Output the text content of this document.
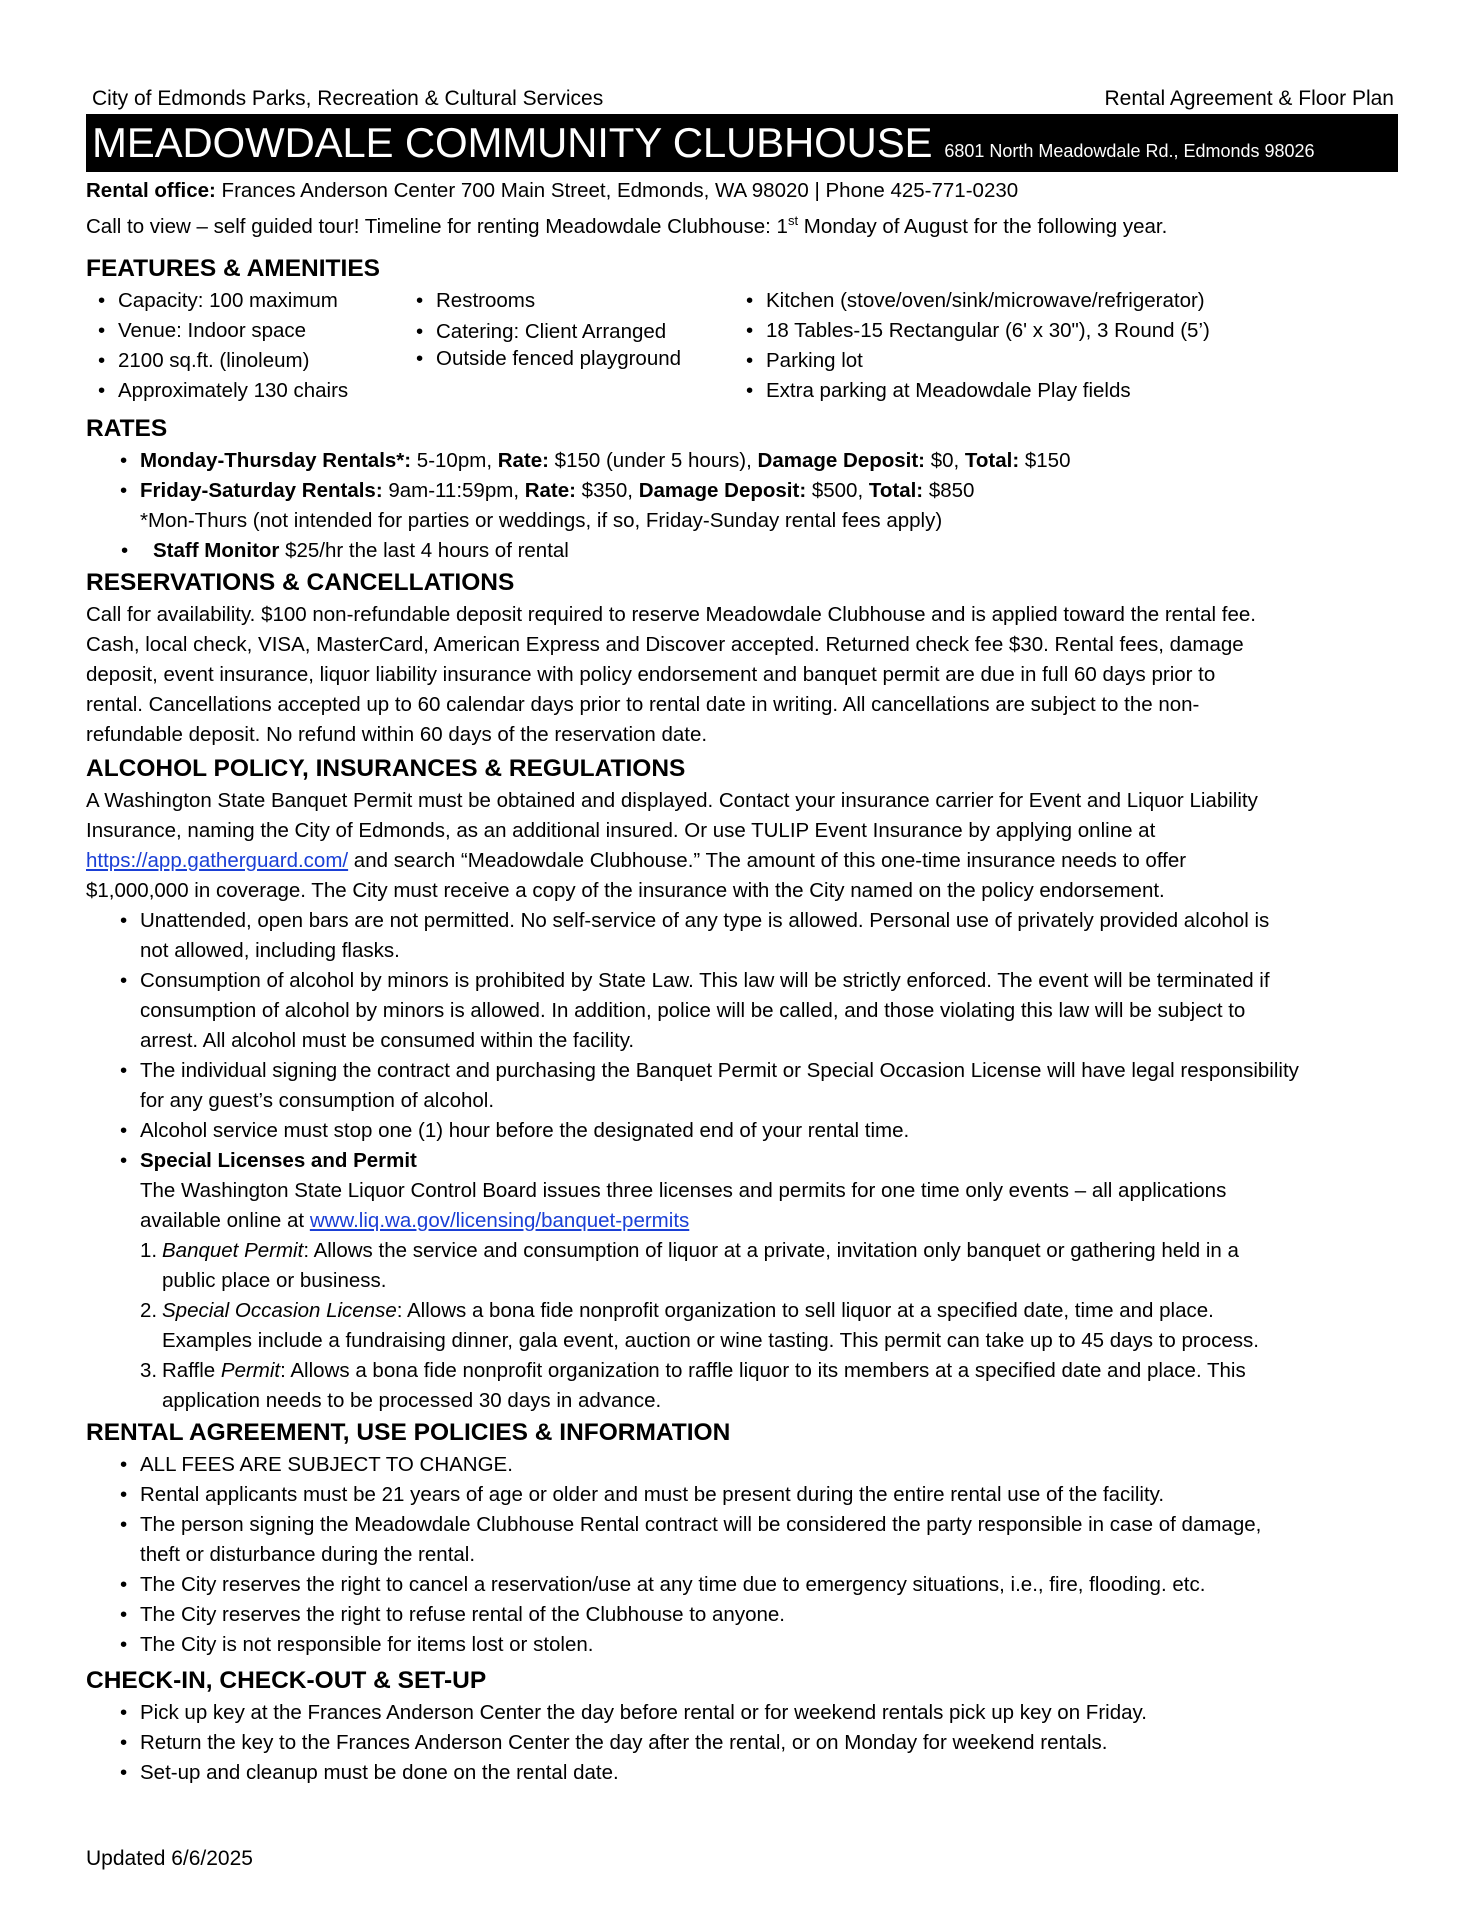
City of Edmonds Parks, Recreation & Cultural Services	Rental Agreement & Floor Plan
MEADOWDALE COMMUNITY CLUBHOUSE 6801 North Meadowdale Rd., Edmonds 98026

Rental office: Frances Anderson Center 700 Main Street, Edmonds, WA 98020 | Phone 425-771-0230

Call to view – self guided tour! Timeline for renting Meadowdale Clubhouse: 1st Monday of August for the following year.

FEATURES & AMENITIES
• Capacity: 100 maximum
• Venue: Indoor space
• 2100 sq.ft. (linoleum)
• Approximately 130 chairs
• Restrooms
• Catering: Client Arranged
• Outside fenced playground
• Kitchen (stove/oven/sink/microwave/refrigerator)
• 18 Tables-15 Rectangular (6' x 30"), 3 Round (5’)
• Parking lot
• Extra parking at Meadowdale Play fields
RATES
• Monday-Thursday Rentals*: 5-10pm, Rate: $150 (under 5 hours), Damage Deposit: $0, Total: $150
• Friday-Saturday Rentals: 9am-11:59pm, Rate: $350, Damage Deposit: $500, Total: $850
*Mon-Thurs (not intended for parties or weddings, if so, Friday-Sunday rental fees apply)
• Staff Monitor $25/hr the last 4 hours of rental
RESERVATIONS & CANCELLATIONS

Call for availability. $100 non-refundable deposit required to reserve Meadowdale Clubhouse and is applied toward the rental fee.

Cash, local check, VISA, MasterCard, American Express and Discover accepted. Returned check fee $30. Rental fees, damage

deposit, event insurance, liquor liability insurance with policy endorsement and banquet permit are due in full 60 days prior to

rental. Cancellations accepted up to 60 calendar days prior to rental date in writing. All cancellations are subject to the non-

refundable deposit. No refund within 60 days of the reservation date.

ALCOHOL POLICY, INSURANCES & REGULATIONS

A Washington State Banquet Permit must be obtained and displayed. Contact your insurance carrier for Event and Liquor Liability

Insurance, naming the City of Edmonds, as an additional insured. Or use TULIP Event Insurance by applying online at

https://app.gatherguard.com/ and search “Meadowdale Clubhouse.” The amount of this one-time insurance needs to offer

$1,000,000 in coverage. The City must receive a copy of the insurance with the City named on the policy endorsement.

• Unattended, open bars are not permitted. No self-service of any type is allowed. Personal use of privately provided alcohol is
not allowed, including flasks.
• Consumption of alcohol by minors is prohibited by State Law. This law will be strictly enforced. The event will be terminated if
consumption of alcohol by minors is allowed. In addition, police will be called, and those violating this law will be subject to
arrest. All alcohol must be consumed within the facility.
• The individual signing the contract and purchasing the Banquet Permit or Special Occasion License will have legal responsibility
for any guest’s consumption of alcohol.
• Alcohol service must stop one (1) hour before the designated end of your rental time.
• Special Licenses and Permit
The Washington State Liquor Control Board issues three licenses and permits for one time only events – all applications
available online at www.liq.wa.gov/licensing/banquet-permits
1. Banquet Permit: Allows the service and consumption of liquor at a private, invitation only banquet or gathering held in a
public place or business.
2. Special Occasion License: Allows a bona fide nonprofit organization to sell liquor at a specified date, time and place.
Examples include a fundraising dinner, gala event, auction or wine tasting. This permit can take up to 45 days to process.
3. Raffle Permit: Allows a bona fide nonprofit organization to raffle liquor to its members at a specified date and place. This
application needs to be processed 30 days in advance.
RENTAL AGREEMENT, USE POLICIES & INFORMATION
• ALL FEES ARE SUBJECT TO CHANGE.
• Rental applicants must be 21 years of age or older and must be present during the entire rental use of the facility.
• The person signing the Meadowdale Clubhouse Rental contract will be considered the party responsible in case of damage,
theft or disturbance during the rental.
• The City reserves the right to cancel a reservation/use at any time due to emergency situations, i.e., fire, flooding. etc.
• The City reserves the right to refuse rental of the Clubhouse to anyone.
• The City is not responsible for items lost or stolen.
CHECK-IN, CHECK-OUT & SET-UP
• Pick up key at the Frances Anderson Center the day before rental or for weekend rentals pick up key on Friday.
• Return the key to the Frances Anderson Center the day after the rental, or on Monday for weekend rentals.
• Set-up and cleanup must be done on the rental date.
Updated 6/6/2025
